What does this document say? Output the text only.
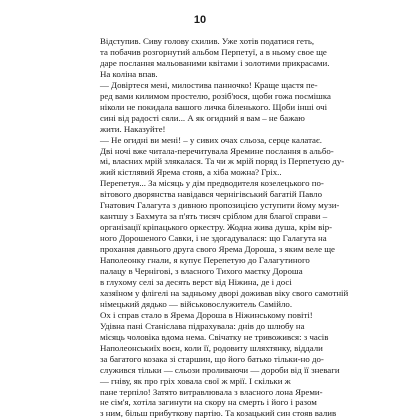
10

Відступив. Сиву голову схилив. Уже хотів податися геть,
та побачив розгорнутий альбом Перпетуї, а в ньому свое ще
даре послання мальованими квітами і золотими прикрасами.
На коліна впав.

— Довіртеся мені, милостива панночко! Краще щастя пе-
ред вами килимом простелю, розіб'юся, щоби гожа посмішка
ніколи не покидала вашого личка біленького. Щоби інші очі
сині від радості сяли... А як огидний я вам – не бажаю
жити. Наказуйте!

— Не огидні ви мені! – у сивих очах сльоза, серце калатає.
Дві ночі вже читала-перечитувала Яремине послання в альбо-
мі, власних мрій злякалася. Та чи ж мрій поряд із Перпетуєю ду-
жий кістлявий Ярема стояв, а хіба можна? Гріх..

Перепетуя... За місяць у дім предводителя козелецького по-
вітового дворянства навідався чернігівський багатій Павло
Гнатович Галагута з дивною пропозицією уступити йому музи-
кантшу з Бахмута за п'ять тисяч сріблом для благої справи –
організації кріпацького оркестру. Жодна жива душа, крім вір-
ного Дорошеного Савки, і не здогадувалася: що Галагута на
прохання давнього друга свого Ярема Дороша, з яким веле ще
Наполеонку гнали, я купує Перепетую до Галагутиного
палацу в Чернігові, з власного Тихого маєтку Дороша
в глухому селі за десять верст від Ніжина, де і досі
хазяїном у флігелі на задньому дворі доживав віку свого самотній
німецький дядько — військовослужитель Самійло.

Ох і справ стало в Ярема Дороша в Ніжинському повіті!

Удівна пані Станіслава підрахувала: днів до шлюбу на
місяць чоловіка вдома нема. Свічатку не тривожився: з часів
Наполеонськиїх воєн, коли її, родовиту шляхтянку, віддали
за багатого козака зі старшин, що його батько тільки-но до-
служився тільки — сльози проливаючи — дороби від її зневаги
— гніву, як про гріх ховала свої ж мрії. І скільки ж
пане терпіло! Затято витравлювала з власного лона Яреми-
не сім'я, хотіла загинути на скору на смерть і його і разом
з ним, більш прибуткову партію. Та козацький син стояв валив
